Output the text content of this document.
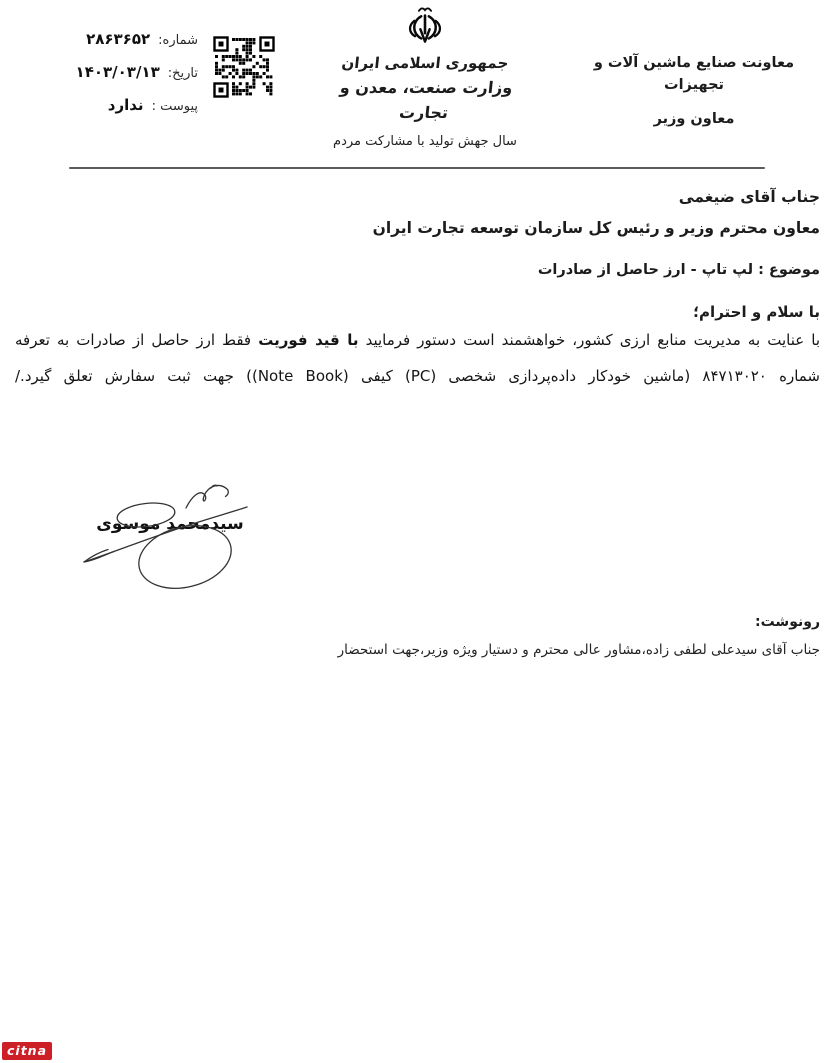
شماره:
۲۸۶۳۶۵۲
تاریخ:
۱۴۰۳/۰۳/۱۳
پیوست :
ندارد
جمهوری اسلامی ایران
وزارت صنعت، معدن و تجارت
سال جهش تولید با مشارکت مردم
معاونت صنایع ماشین آلات و تجهیزات
معاون وزیر
جناب آقای ضیغمی
معاون محترم وزیر و رئیس کل سازمان توسعه تجارت ایران
موضوع : لپ تاپ - ارز حاصل از صادرات
با سلام و احترام؛
با عنایت به مدیریت منابع ارزی کشور، خواهشمند است دستور فرمایید با قید فوریت فقط ارز حاصل از صادرات به تعرفه
شماره ۸۴۷۱۳۰۲۰ (ماشین خودکار داده‌پردازی شخصی (PC) کیفی (Note Book)) جهت ثبت سفارش تعلق گیرد./
سیدمحمد موسوی
رونوشت:
جناب آقای سیدعلی لطفی زاده،مشاور عالی محترم و دستیار ویژه وزیر،جهت استحضار
citna
